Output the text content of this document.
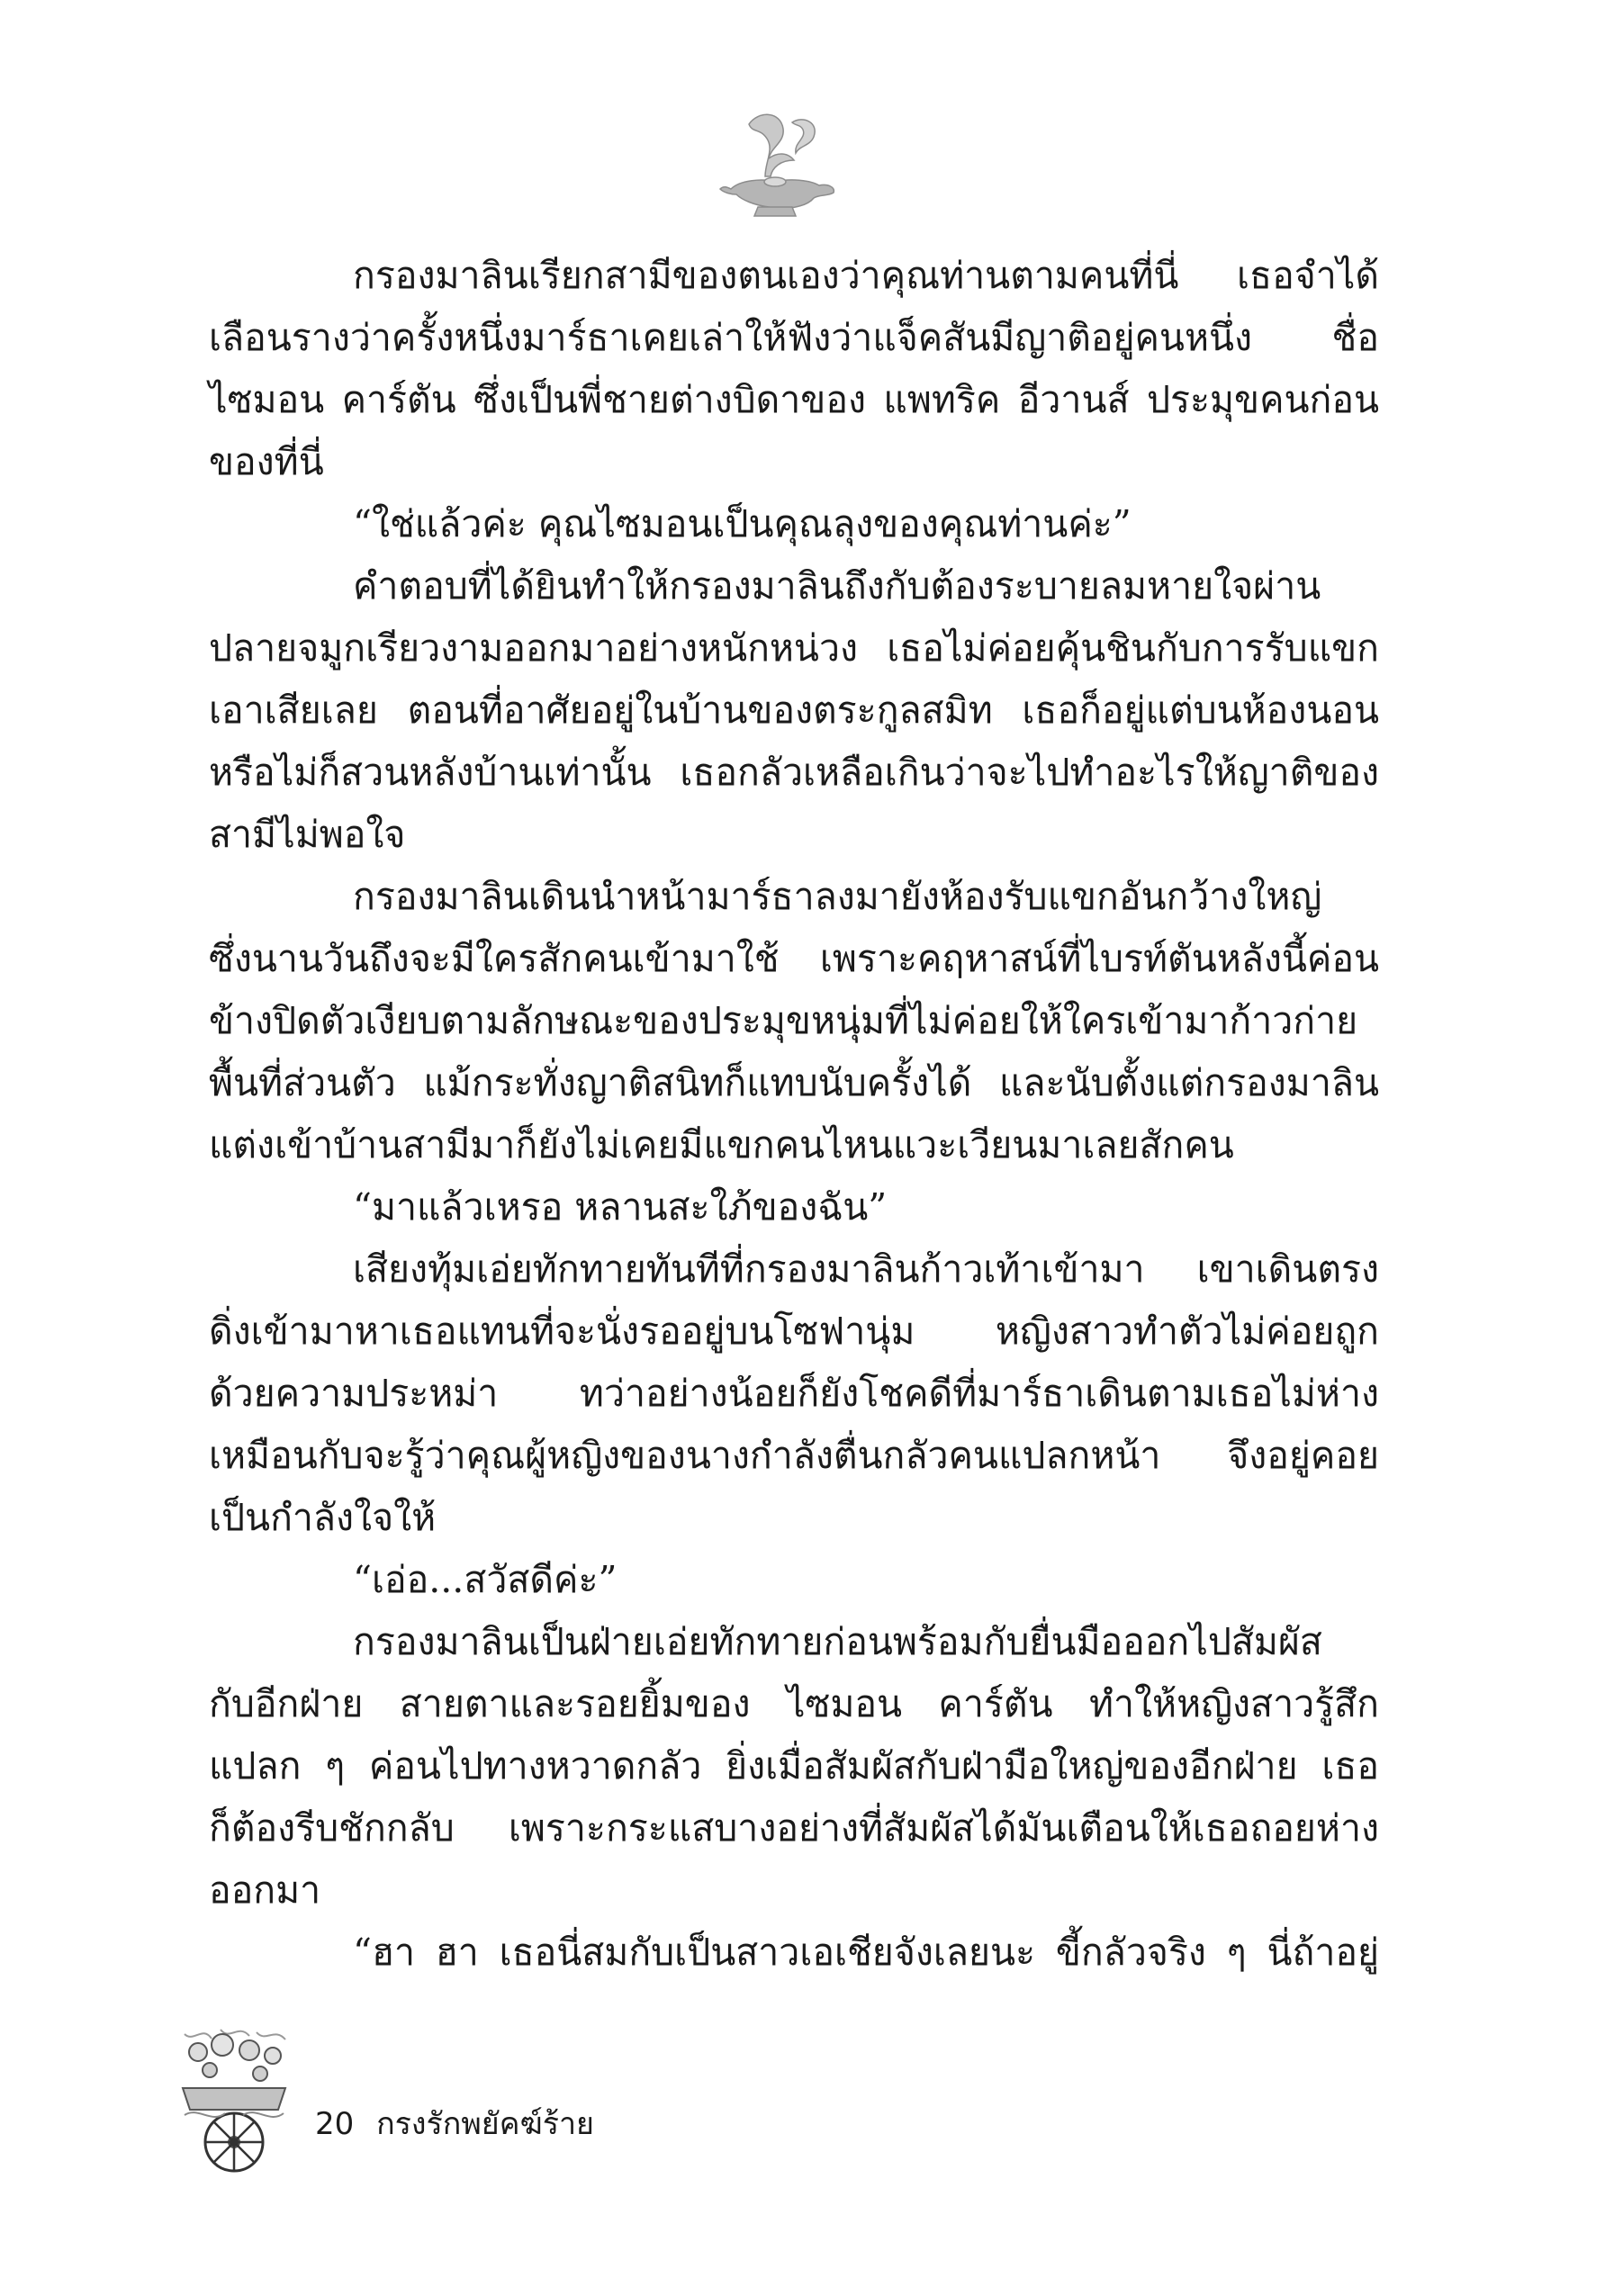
กรองมาลินเรียกสามีของตนเองว่าคุณท่านตามคนที่นี่ เธอจำได้
เลือนรางว่าครั้งหนึ่งมาร์ธาเคยเล่าให้ฟังว่าแจ็คสันมีญาติอยู่คนหนึ่ง ชื่อ
ไซมอน คาร์ตัน ซึ่งเป็นพี่ชายต่างบิดาของ แพทริค อีวานส์ ประมุขคนก่อน
ของที่นี่
“ใช่แล้วค่ะ คุณไซมอนเป็นคุณลุงของคุณท่านค่ะ”
คำตอบที่ได้ยินทำให้กรองมาลินถึงกับต้องระบายลมหายใจผ่าน
ปลายจมูกเรียวงามออกมาอย่างหนักหน่วง เธอไม่ค่อยคุ้นชินกับการรับแขก
เอาเสียเลย ตอนที่อาศัยอยู่ในบ้านของตระกูลสมิท เธอก็อยู่แต่บนห้องนอน
หรือไม่ก็สวนหลังบ้านเท่านั้น เธอกลัวเหลือเกินว่าจะไปทำอะไรให้ญาติของ
สามีไม่พอใจ
กรองมาลินเดินนำหน้ามาร์ธาลงมายังห้องรับแขกอันกว้างใหญ่
ซึ่งนานวันถึงจะมีใครสักคนเข้ามาใช้ เพราะคฤหาสน์ที่ไบรท์ตันหลังนี้ค่อน
ข้างปิดตัวเงียบตามลักษณะของประมุขหนุ่มที่ไม่ค่อยให้ใครเข้ามาก้าวก่าย
พื้นที่ส่วนตัว แม้กระทั่งญาติสนิทก็แทบนับครั้งได้ และนับตั้งแต่กรองมาลิน
แต่งเข้าบ้านสามีมาก็ยังไม่เคยมีแขกคนไหนแวะเวียนมาเลยสักคน
“มาแล้วเหรอ หลานสะใภ้ของฉัน”
เสียงทุ้มเอ่ยทักทายทันทีที่กรองมาลินก้าวเท้าเข้ามา เขาเดินตรง
ดิ่งเข้ามาหาเธอแทนที่จะนั่งรออยู่บนโซฟานุ่ม หญิงสาวทำตัวไม่ค่อยถูก
ด้วยความประหม่า ทว่าอย่างน้อยก็ยังโชคดีที่มาร์ธาเดินตามเธอไม่ห่าง
เหมือนกับจะรู้ว่าคุณผู้หญิงของนางกำลังตื่นกลัวคนแปลกหน้า จึงอยู่คอย
เป็นกำลังใจให้
“เอ่อ...สวัสดีค่ะ”
กรองมาลินเป็นฝ่ายเอ่ยทักทายก่อนพร้อมกับยื่นมือออกไปสัมผัส
กับอีกฝ่าย สายตาและรอยยิ้มของ ไซมอน คาร์ตัน ทำให้หญิงสาวรู้สึก
แปลก ๆ ค่อนไปทางหวาดกลัว ยิ่งเมื่อสัมผัสกับฝ่ามือใหญ่ของอีกฝ่าย เธอ
ก็ต้องรีบชักกลับ เพราะกระแสบางอย่างที่สัมผัสได้มันเตือนให้เธอถอยห่าง
ออกมา
“ฮา ฮา เธอนี่สมกับเป็นสาวเอเชียจังเลยนะ ขี้กลัวจริง ๆ นี่ถ้าอยู่
20 กรงรักพยัคฆ์ร้าย
